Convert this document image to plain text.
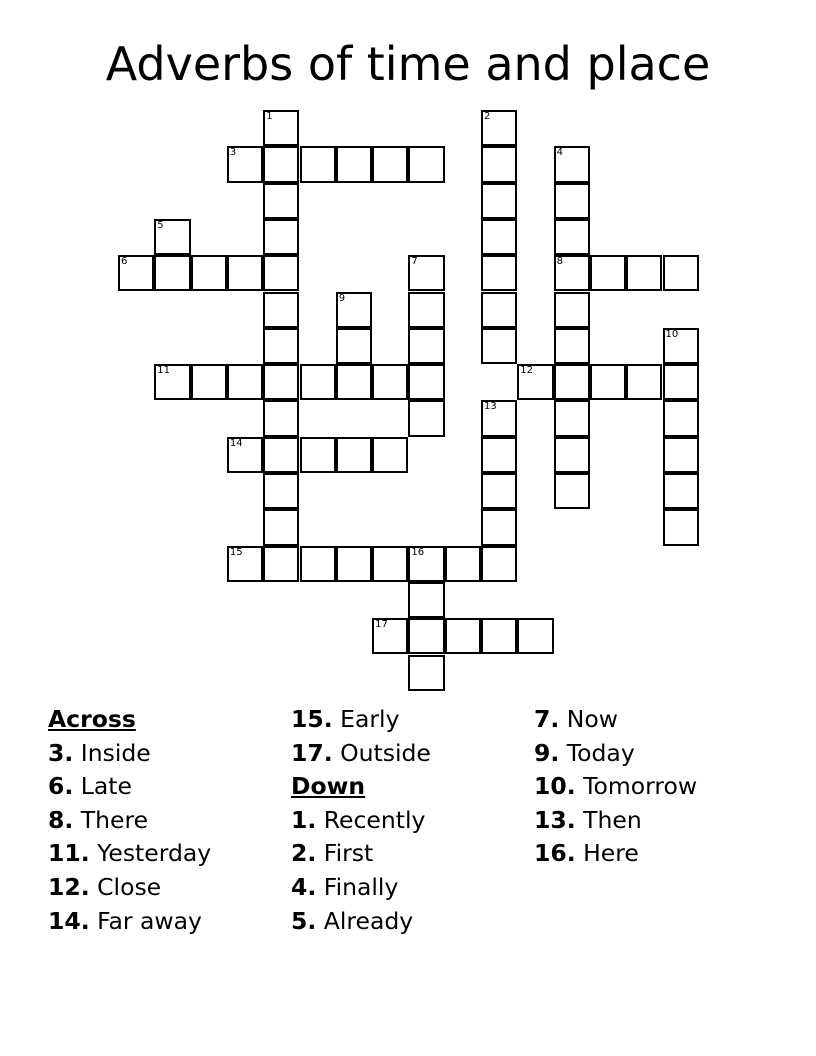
Adverbs of time and place
1	2
3	4
8
5
6	7
9
10
11	12
13
14
15	16
17
Across
3. Inside
6. Late
8. There
11. Yesterday
12. Close
14. Far away
15. Early
17. Outside
Down
1. Recently
2. First
4. Finally
5. Already
7. Now
9. Today
10. Tomorrow
13. Then
16. Here
